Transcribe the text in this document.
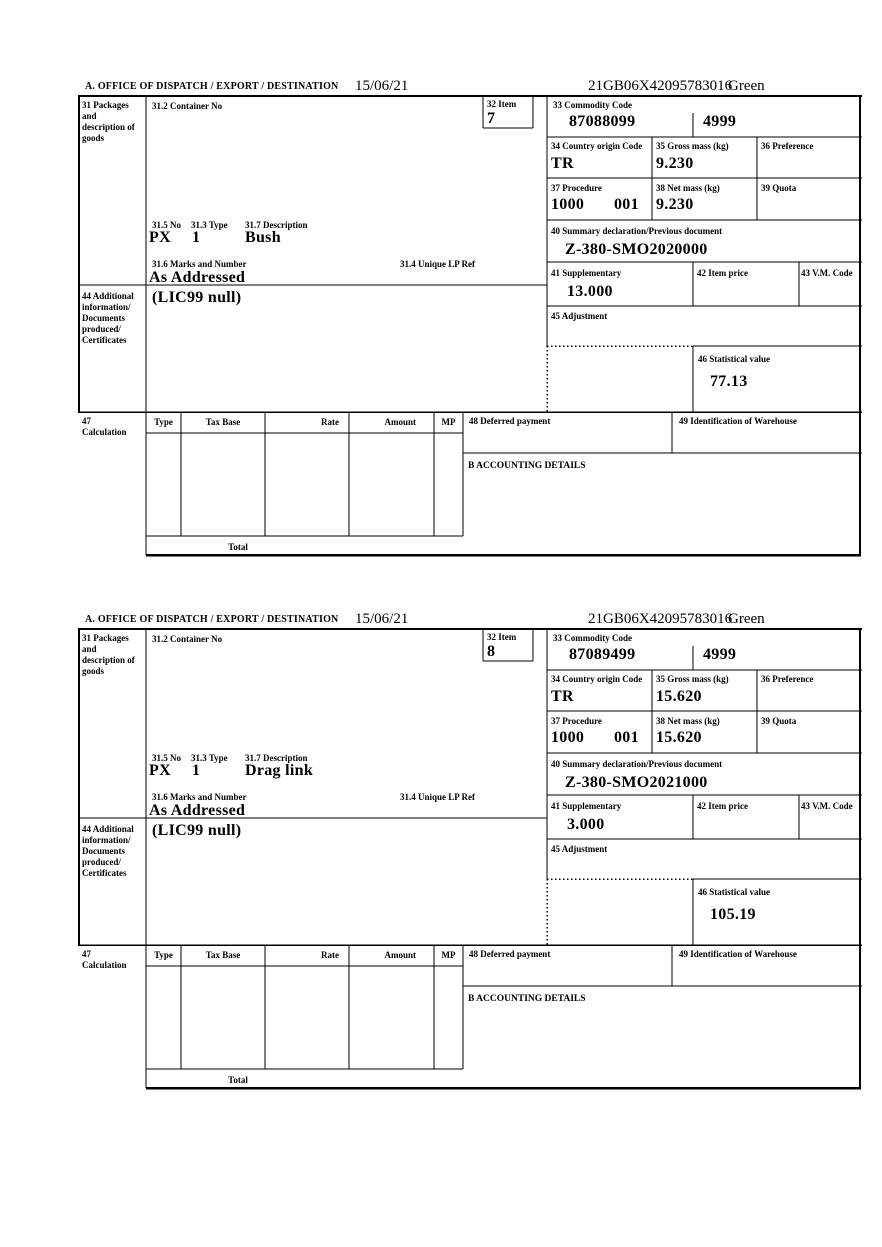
A. OFFICE OF DISPATCH / EXPORT / DESTINATION 15/06/21	21GB06X42095783016
Green
31 Packages and description of goods
31.2 Container No	32 Item
7
31.5 No 31.3 Type 31.7 Description
PX 1	Bush
31.6 Marks and Number	31.4 Unique LP Ref
As Addressed
44 Additional information/ Documents produced/ Certificates
(LIC99 null)
33 Commodity Code
87088099	4999
34 Country origin Code
TR
35 Gross mass (kg)
9.230
36 Preference
37 Procedure
1000 001
38 Net mass (kg)
9.230
39 Quota
40 Summary declaration/Previous document
Z-380-SMO2020000
41 Supplementary
13.000
42 Item price	43 V.M. Code
45 Adjustment
46 Statistical value
77.13
47 Calculation
Type	Tax Base	Rate	Amount	MP	48 Deferred payment	49 Identification of Warehouse
B ACCOUNTING DETAILS
Total
A. OFFICE OF DISPATCH / EXPORT / DESTINATION 15/06/21	21GB06X42095783016
Green
31 Packages and description of goods
31.2 Container No	32 Item
8
31.5 No 31.3 Type 31.7 Description
PX 1	Drag link
31.6 Marks and Number	31.4 Unique LP Ref
As Addressed
44 Additional information/ Documents produced/ Certificates
(LIC99 null)
33 Commodity Code
87089499	4999
34 Country origin Code
TR
35 Gross mass (kg)
15.620
36 Preference
37 Procedure
1000 001
38 Net mass (kg)
15.620
39 Quota
40 Summary declaration/Previous document
Z-380-SMO2021000
41 Supplementary
3.000
42 Item price	43 V.M. Code
45 Adjustment
46 Statistical value
105.19
47 Calculation
Type	Tax Base	Rate	Amount	MP	48 Deferred payment	49 Identification of Warehouse
B ACCOUNTING DETAILS
Total
